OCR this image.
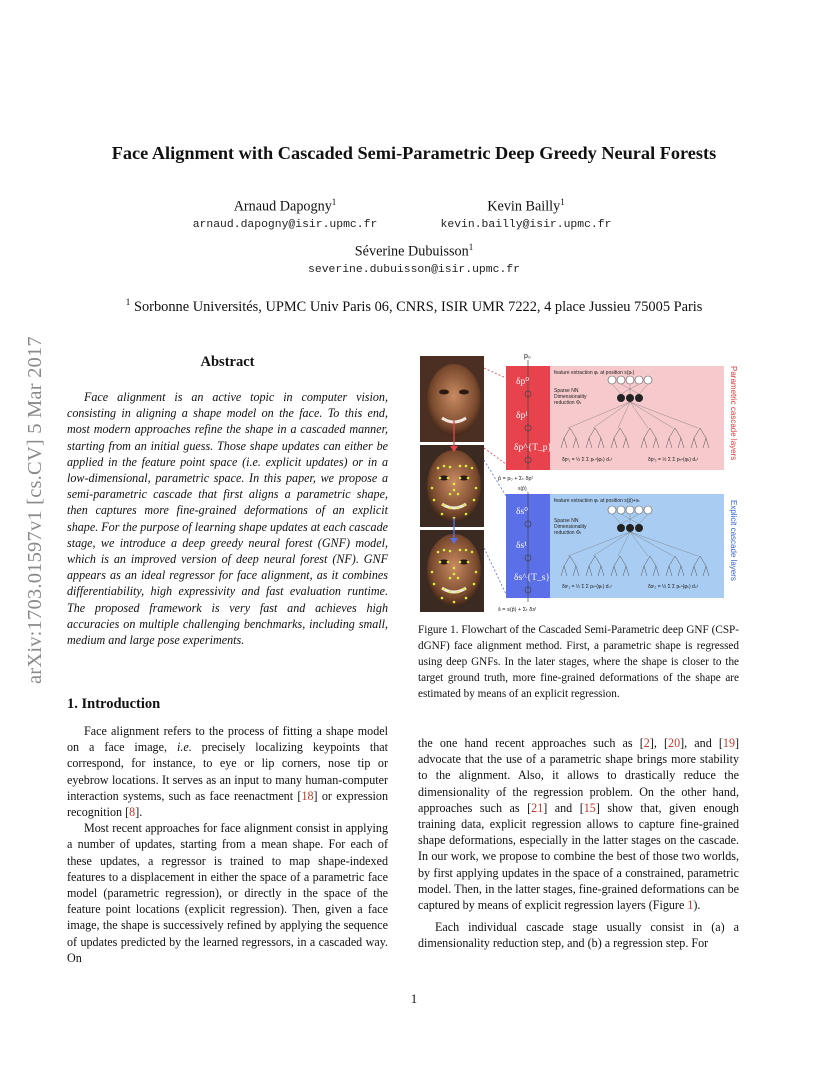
arXiv:1703.01597v1 [cs.CV] 5 Mar 2017
Face Alignment with Cascaded Semi-Parametric Deep Greedy Neural Forests
Arnaud Dapogny$^1$
arnaud.dapogny@isir.upmc.fr
Kevin Bailly$^1$
kevin.bailly@isir.upmc.fr
Séverine Dubuisson$^1$
severine.dubuisson@isir.upmc.fr
$^1$ Sorbonne Universités, UPMC Univ Paris 06, CNRS, ISIR UMR 7222, 4 place Jussieu 75005 Paris
Abstract

Face alignment is an active topic in computer vision, consisting in aligning a shape model on the face. To this end, most modern approaches refine the shape in a cascaded manner, starting from an initial guess. Those shape updates can either be applied in the feature point space (i.e. explicit updates) or in a low-dimensional, parametric space. In this paper, we propose a semi-parametric cascade that first aligns a parametric shape, then captures more fine-grained deformations of an explicit shape. For the purpose of learning shape updates at each cascade stage, we introduce a deep greedy neural forest (GNF) model, which is an improved version of deep neural forest (NF). GNF appears as an ideal regressor for face alignment, as it combines differentiability, high expressivity and fast evaluation runtime. The proposed framework is very fast and achieves high accuracies on multiple challenging benchmarks, including small, medium and large pose experiments.

1. Introduction

Face alignment refers to the process of fitting a shape model on a face image, i.e. precisely localizing keypoints that correspond, for instance, to eye or lip corners, nose tip or eyebrow locations. It serves as an input to many human-computer interaction systems, such as face reenactment [18] or expression recognition [8].

Most recent approaches for face alignment consist in applying a number of updates, starting from a mean shape. For each of these updates, a regressor is trained to map shape-indexed features to a displacement in either the space of a parametric face model (parametric regression), or directly in the space of the feature point locations (explicit regression). Then, given a face image, the shape is successively refined by applying the sequence of updates predicted by the learned regressors, in a cascaded way. On

the one hand recent approaches such as [2], [20], and [19] advocate that the use of a parametric shape brings more stability to the alignment. Also, it allows to drastically reduce the dimensionality of the regression problem. On the other hand, approaches such as [21] and [15] show that, given enough training data, explicit regression allows to capture fine-grained shape deformations, especially in the latter stages on the cascade. In our work, we propose to combine the best of those two worlds, by first applying updates in the space of a constrained, parametric model. Then, in the latter stages, fine-grained deformations can be captured by means of explicit regression layers (Figure 1).

Each individual cascade stage usually consist in (a) a dimensionality reduction step, and (b) a regression step. For

p₀
δp⁰
δp¹
δp^{T_p}
feature extraction φₜ at position s(pₜ)
Sparse NN
Dimensionality
reduction Φₜ
δpᵗ₁ = ½ Σ Σ pₜⁿ(φₜ) dₙᵗ	δpᵗ₂ = ½ Σ Σ pₜⁿ(φₜ) dₙᵗ	Parametric cascade layers
p̂ = p₀ + Σₜ δpᵗ
s(p̂)
δs⁰
δs¹
δs^{T_s}
feature extraction φₜ at position s(p̂)+sₜ
Sparse NN
Dimensionality
reduction Φₜ
δsᵗ₁ = ½ Σ Σ pₜⁿ(φₜ) dₙᵗ	δsᵗ₂ = ½ Σ Σ pₜⁿ(φₜ) dₙᵗ
Explicit cascade layers
ŝ = s(p̂) + Σₜ δsᵗ
Figure 1. Flowchart of the Cascaded Semi-Parametric deep GNF (CSP-dGNF) face alignment method. First, a parametric shape is regressed using deep GNFs. In the later stages, where the shape is closer to the target ground truth, more fine-grained deformations of the shape are estimated by means of an explicit regression.
1
